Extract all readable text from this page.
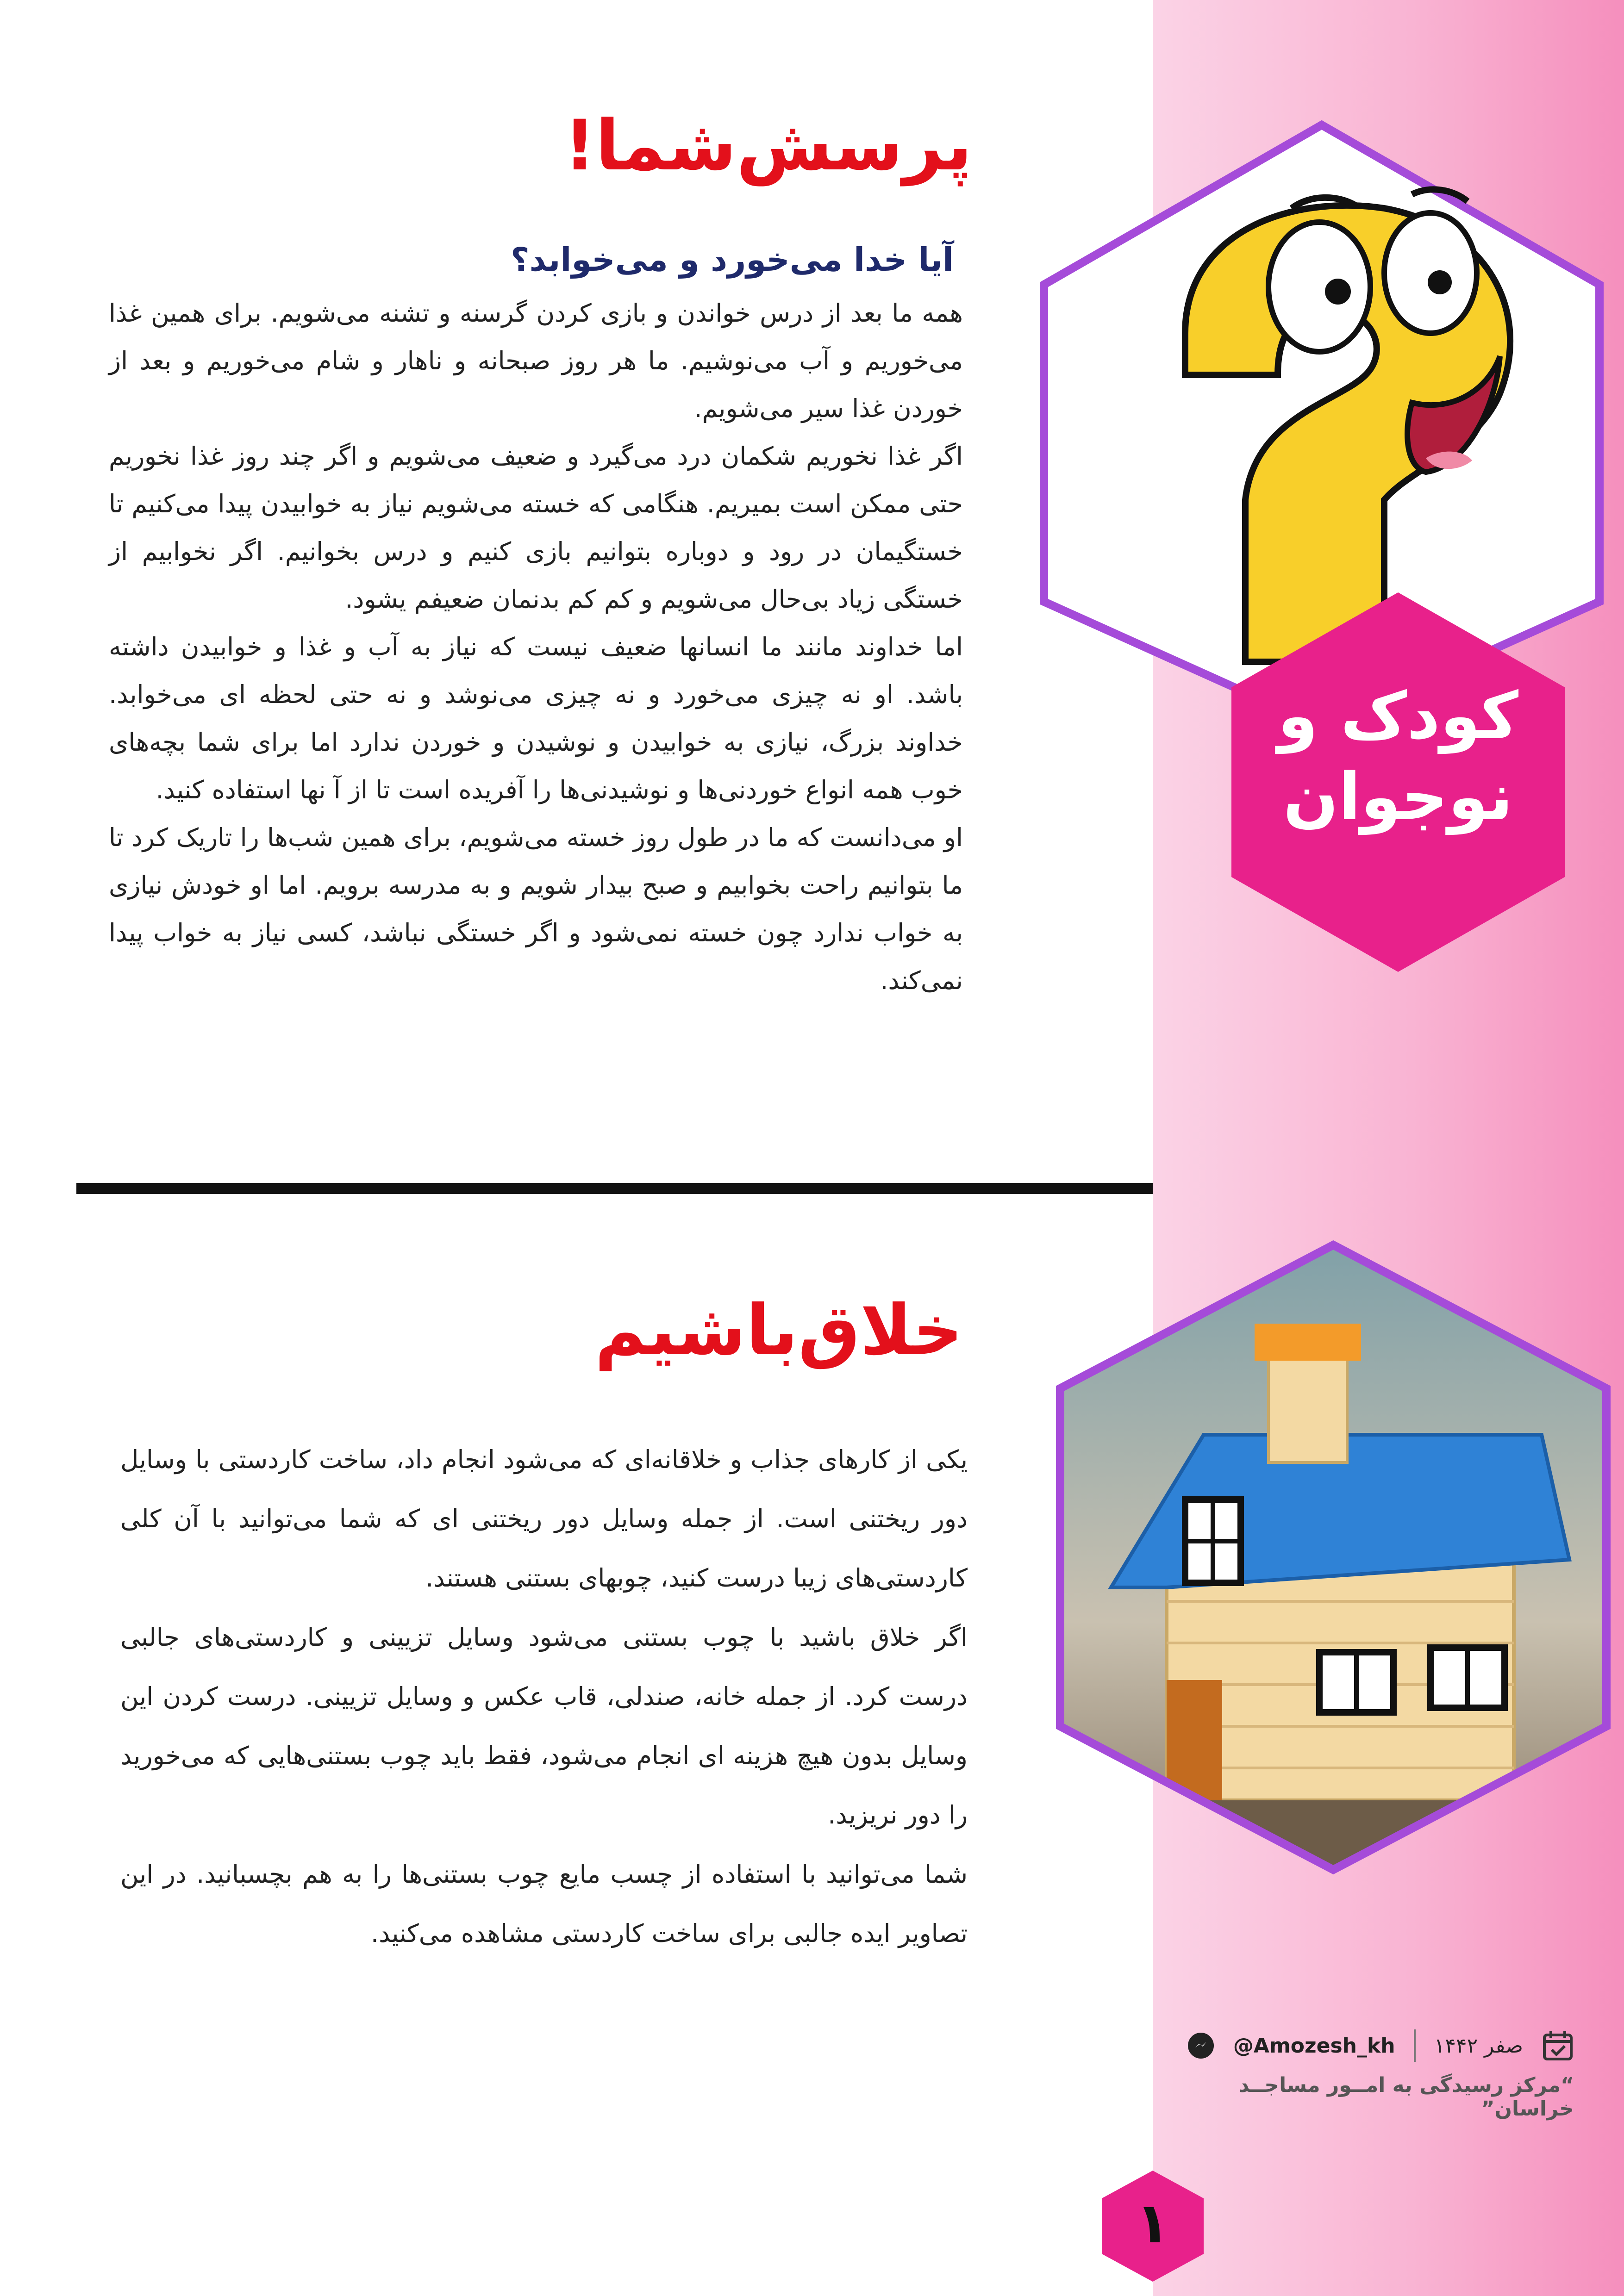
پرسش‌شما!
آیا خدا می‌خورد و می‌خوابد؟

همه ما بعد از درس خواندن و بازی کردن گرسنه و تشنه می‌شویم. برای همین غذا می‌خوریم و آب می‌نوشیم. ما هر روز صبحانه و ناهار و شام می‌خوریم و بعد از خوردن غذا سیر می‌شویم.

اگر غذا نخوریم شکمان درد می‌گیرد و ضعیف می‌شویم و اگر چند روز غذا نخوریم حتی ممکن است بمیریم. هنگامی که خسته می‌شویم نیاز به خوابیدن پیدا می‌کنیم تا خستگیمان در رود و دوباره بتوانیم بازی کنیم و درس بخوانیم. اگر نخوابیم از خستگی زیاد بی‌حال می‌شویم و کم کم بدنمان ضعیفم یشود.

اما خداوند مانند ما انسانها ضعیف نیست که نیاز به آب و غذا و خوابیدن داشته باشد. او نه چیزی می‌خورد و نه چیزی می‌نوشد و نه حتی لحظه ای می‌خوابد. خداوند بزرگ، نیازی به خوابیدن و نوشیدن و خوردن ندارد اما برای شما بچه‌های خوب همه انواع خوردنی‌ها و نوشیدنی‌ها را آفریده است تا از آ نها استفاده کنید.

او می‌دانست که ما در طول روز خسته می‌شویم، برای همین شب‌ها را تاریک کرد تا ما بتوانیم راحت بخوابیم و صبح بیدار شویم و به مدرسه برویم. اما او خودش نیازی به خواب ندارد چون خسته نمی‌شود و اگر خستگی نباشد، کسی نیاز به خواب پیدا نمی‌کند.

کودک و
نوجوان
خلاق‌باشیم

یکی از کارهای جذاب و خلاقانه‌ای که می‌شود انجام داد، ساخت کاردستی با وسایل دور ریختنی است. از جمله وسایل دور ریختنی ای که شما می‌توانید با آن کلی کاردستی‌های زیبا درست کنید، چوبهای بستنی هستند.

اگر خلاق باشید با چوب بستنی می‌شود وسایل تزیینی و کاردستی‌های جالبی درست کرد. از جمله خانه، صندلی، قاب عکس و وسایل تزیینی. درست کردن این وسایل بدون هیچ هزینه ای انجام می‌شود، فقط باید چوب بستنی‌هایی که می‌خورید را دور نریزید.

شما می‌توانید با استفاده از چسب مایع چوب بستنی‌ها را به هم بچسبانید. در این تصاویر ایده جالبی برای ساخت کاردستی مشاهده می‌کنید.

صفر ۱۴۴۲
@Amozesh_kh
“مرکز رسیدگی به امــور مساجــد خراسان”
۱
